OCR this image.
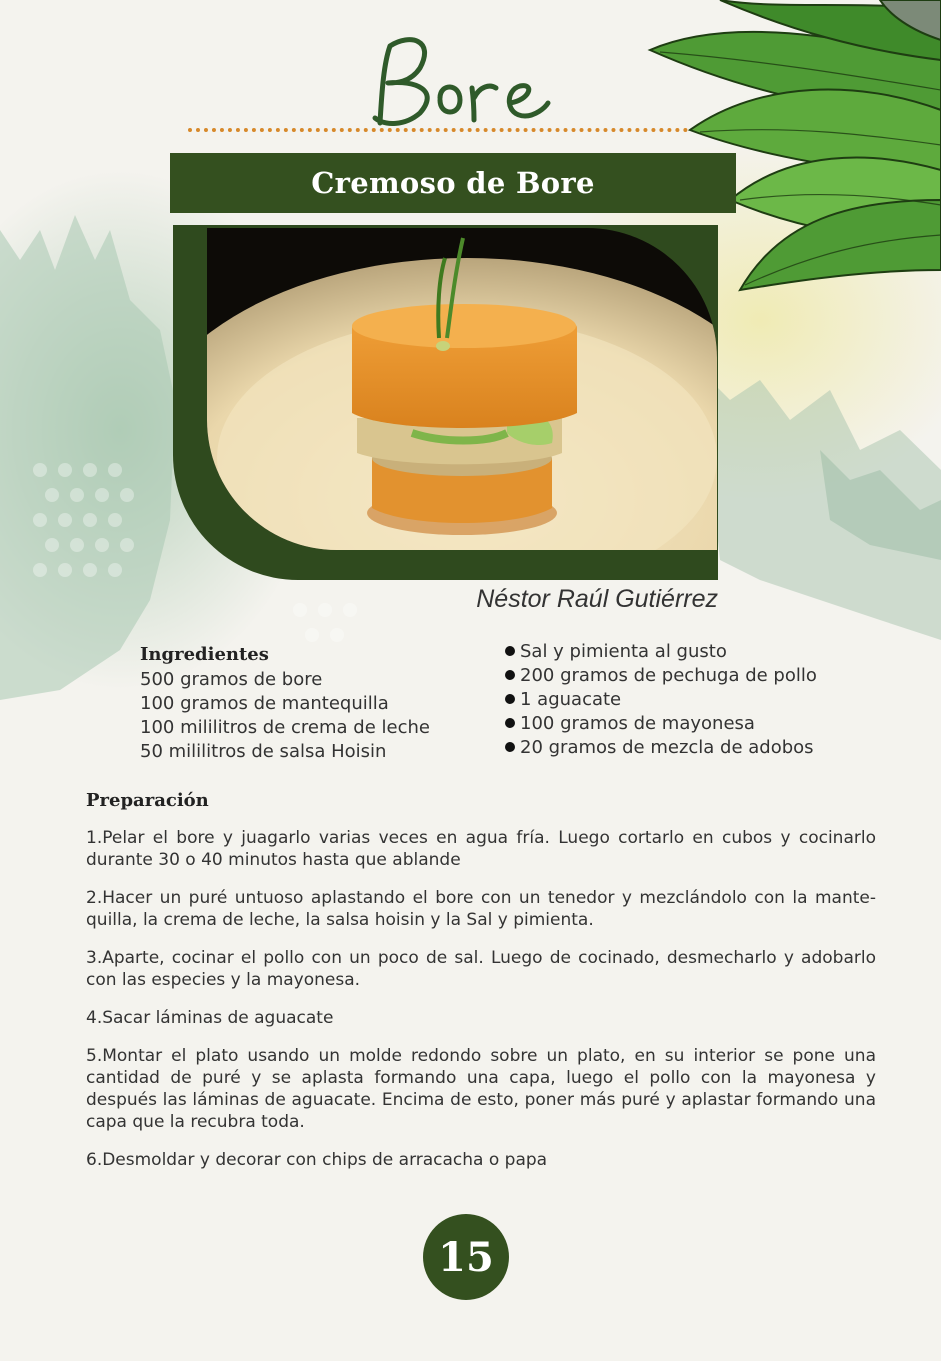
Cremoso de Bore
Néstor Raúl Gutiérrez
Ingredientes
500 gramos de bore
100 gramos de mantequilla
100 mililitros de crema de leche
50 mililitros de salsa Hoisin
Sal y pimienta al gusto
200 gramos de pechuga de pollo
1 aguacate
100 gramos de mayonesa
20 gramos de mezcla de adobos
Preparación

1.Pelar el bore y juagarlo varias veces en agua fría. Luego cortarlo en cubos y cocinarlo durante 30 o 40 minutos hasta que ablande

2.Hacer un puré untuoso aplastando el bore con un tenedor y mezclándolo con la mante-quilla, la crema de leche, la salsa hoisin y la Sal y pimienta.

3.Aparte, cocinar el pollo con un poco de sal. Luego de cocinado, desmecharlo y adobarlo con las especies y la mayonesa.

4.Sacar láminas de aguacate

5.Montar el plato usando un molde redondo sobre un plato, en su interior se pone una cantidad de puré y se aplasta formando una capa, luego el pollo con la mayonesa y después las láminas de aguacate. Encima de esto, poner más puré y aplastar formando una capa que la recubra toda.

6.Desmoldar y decorar con chips de arracacha o papa

15
